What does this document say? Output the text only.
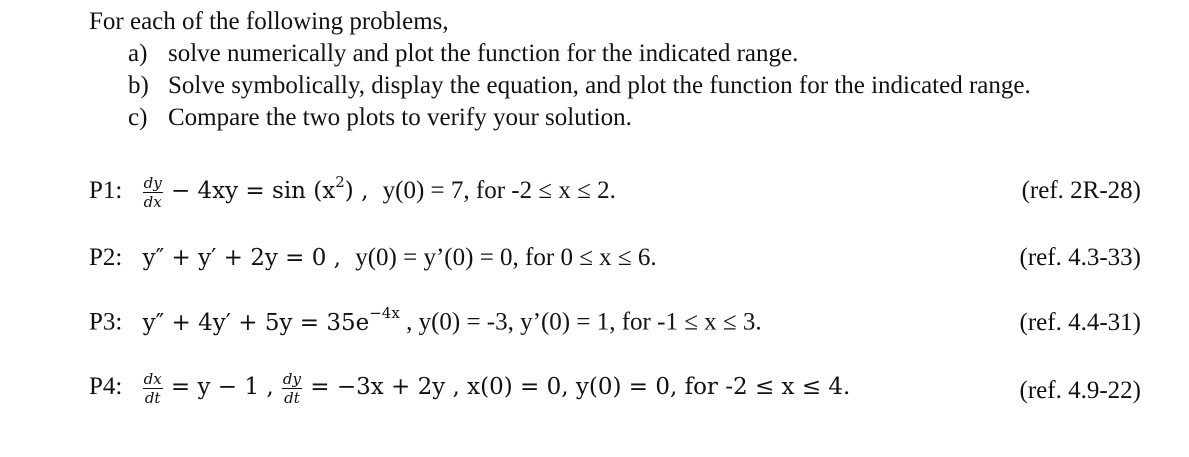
For each of the following problems,
a) solve numerically and plot the function for the indicated range.
b) Solve symbolically, display the equation, and plot the function for the indicated range.
c) Compare the two plots to verify your solution.
P1: $\frac{dy}{dx} - 4xy = \sin (x^2)$ , y(0) = 7, for -2 ≤ x ≤ 2.	(ref. 2R-28)
P2: y″ + y′ + 2y = 0 , y(0) = y’(0) = 0, for 0 ≤ x ≤ 6.	(ref. 4.3-33)
P3: $y'' + 4y' + 5y = 35e^{-4x}$ , y(0) = -3, y’(0) = 1, for -1 ≤ x ≤ 3.	(ref. 4.4-31)
P4: $\frac{dx}{dt} = y - 1$ , $\frac{dy}{dt} = -3x + 2y$ , x(0) = 0, y(0) = 0, for -2 ≤ x ≤ 4.	(ref. 4.9-22)
